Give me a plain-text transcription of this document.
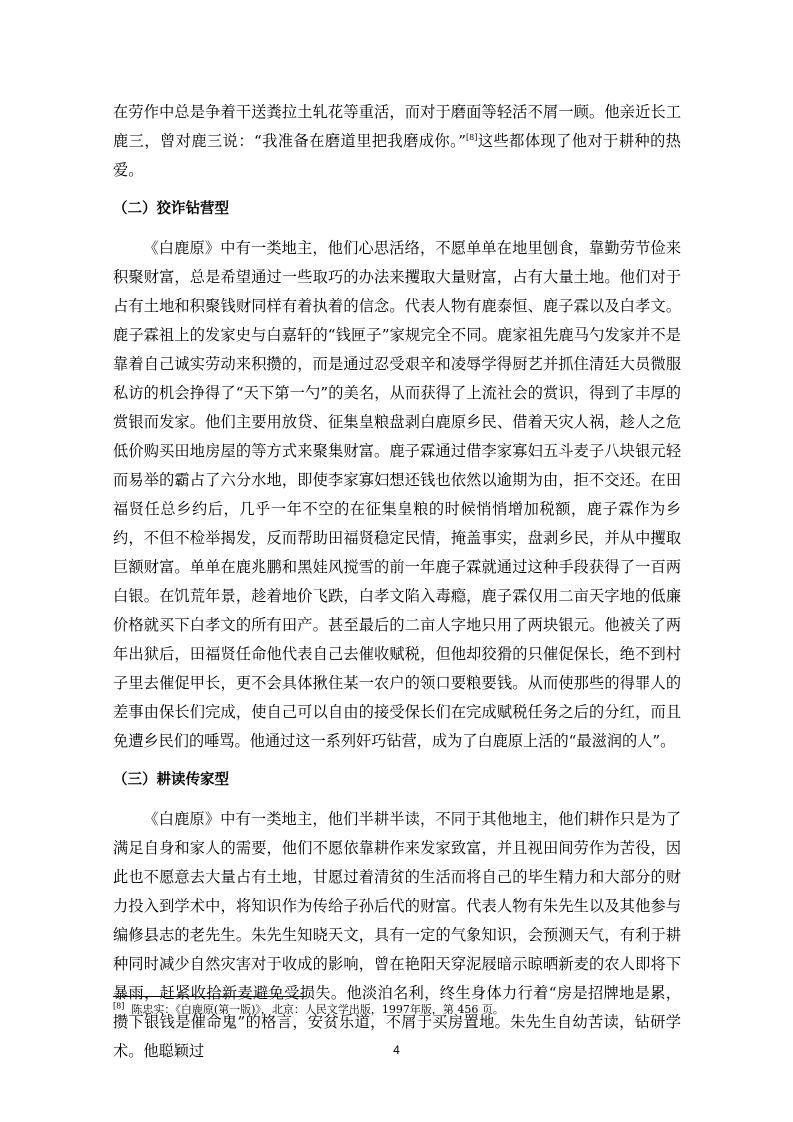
在劳作中总是争着干送粪拉土轧花等重活，而对于磨面等轻活不屑一顾。他亲近长工鹿三，曾对鹿三说：“我准备在磨道里把我磨成你。”[8]这些都体现了他对于耕种的热爱。

（二）狡诈钻营型

《白鹿原》中有一类地主，他们心思活络，不愿单单在地里刨食，靠勤劳节俭来积聚财富，总是希望通过一些取巧的办法来攫取大量财富，占有大量土地。他们对于占有土地和积聚钱财同样有着执着的信念。代表人物有鹿泰恒、鹿子霖以及白孝文。鹿子霖祖上的发家史与白嘉轩的“钱匣子”家规完全不同。鹿家祖先鹿马勺发家并不是靠着自己诚实劳动来积攒的，而是通过忍受艰辛和凌辱学得厨艺并抓住清廷大员微服私访的机会挣得了“天下第一勺”的美名，从而获得了上流社会的赏识，得到了丰厚的赏银而发家。他们主要用放贷、征集皇粮盘剥白鹿原乡民、借着天灾人祸，趁人之危低价购买田地房屋的等方式来聚集财富。鹿子霖通过借李家寡妇五斗麦子八块银元轻而易举的霸占了六分水地，即使李家寡妇想还钱也依然以逾期为由，拒不交还。在田福贤任总乡约后，几乎一年不空的在征集皇粮的时候悄悄增加税额，鹿子霖作为乡约，不但不检举揭发，反而帮助田福贤稳定民情，掩盖事实，盘剥乡民，并从中攫取巨额财富。单单在鹿兆鹏和黑娃风搅雪的前一年鹿子霖就通过这种手段获得了一百两白银。在饥荒年景，趁着地价飞跌，白孝文陷入毒瘾，鹿子霖仅用二亩天字地的低廉价格就买下白孝文的所有田产。甚至最后的二亩人字地只用了两块银元。他被关了两年出狱后，田福贤任命他代表自己去催收赋税，但他却狡猾的只催促保长，绝不到村子里去催促甲长，更不会具体揪住某一农户的领口要粮要钱。从而使那些的得罪人的差事由保长们完成，使自己可以自由的接受保长们在完成赋税任务之后的分红，而且免遭乡民们的唾骂。他通过这一系列奸巧钻营，成为了白鹿原上活的“最滋润的人”。

（三）耕读传家型

《白鹿原》中有一类地主，他们半耕半读，不同于其他地主，他们耕作只是为了满足自身和家人的需要，他们不愿依靠耕作来发家致富，并且视田间劳作为苦役，因此也不愿意去大量占有土地，甘愿过着清贫的生活而将自己的毕生精力和大部分的财力投入到学术中，将知识作为传给子孙后代的财富。代表人物有朱先生以及其他参与编修县志的老先生。朱先生知晓天文，具有一定的气象知识，会预测天气，有利于耕种同时减少自然灾害对于收成的影响，曾在艳阳天穿泥屐暗示晾晒新麦的农人即将下暴雨，赶紧收拾新麦避免受损失。他淡泊名利，终生身体力行着“房是招牌地是累，攒下银钱是催命鬼”的格言，安贫乐道，不屑于买房置地。朱先生自幼苦读，钻研学术。他聪颖过

[8] 陈忠实：《白鹿原(第一版)》，北京：人民文学出版，1997年版，第 456 页。

4
